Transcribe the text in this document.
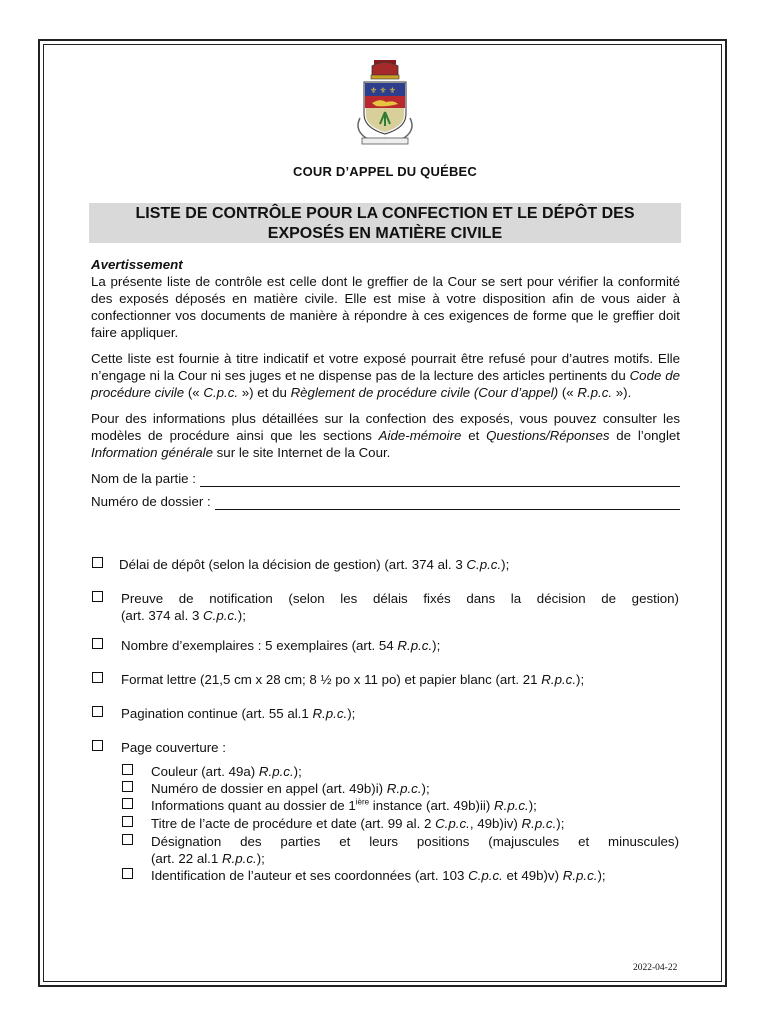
⚜ ⚜ ⚜
COUR D’APPEL DU QUÉBEC
LISTE DE CONTRÔLE POUR LA CONFECTION ET LE DÉPÔT DES
EXPOSÉS EN MATIÈRE CIVILE
Avertissement

La présente liste de contrôle est celle dont le greffier de la Cour se sert pour vérifier la conformité des exposés déposés en matière civile. Elle est mise à votre disposition afin de vous aider à confectionner vos documents de manière à répondre à ces exigences de forme que le greffier doit faire appliquer.

Cette liste est fournie à titre indicatif et votre exposé pourrait être refusé pour d’autres motifs. Elle n’engage ni la Cour ni ses juges et ne dispense pas de la lecture des articles pertinents du Code de procédure civile (« C.p.c. ») et du Règlement de procédure civile (Cour d’appel) (« R.p.c. »).

Pour des informations plus détaillées sur la confection des exposés, vous pouvez consulter les modèles de procédure ainsi que les sections Aide-mémoire et Questions/Réponses de l’onglet Information générale sur le site Internet de la Cour.

Nom de la partie :
Numéro de dossier :
Délai de dépôt (selon la décision de gestion) (art. 374 al. 3 C.p.c.);
Preuve de notification (selon les délais fixés dans la décision de gestion)
(art. 374 al. 3 C.p.c.);
Nombre d’exemplaires : 5 exemplaires (art. 54 R.p.c.);
Format lettre (21,5 cm x 28 cm; 8 ½ po x 11 po) et papier blanc (art. 21 R.p.c.);
Pagination continue (art. 55 al.1 R.p.c.);
Page couverture :
Couleur (art. 49a) R.p.c.);
Numéro de dossier en appel (art. 49b)i) R.p.c.);
Informations quant au dossier de $1^{ière}$ instance (art. 49b)ii) R.p.c.);
Titre de l’acte de procédure et date (art. 99 al. 2 C.p.c., 49b)iv) R.p.c.);
Désignation des parties et leurs positions (majuscules et minuscules)
(art. 22 al.1 R.p.c.);
Identification de l’auteur et ses coordonnées (art. 103 C.p.c. et 49b)v) R.p.c.);
2022-04-22
